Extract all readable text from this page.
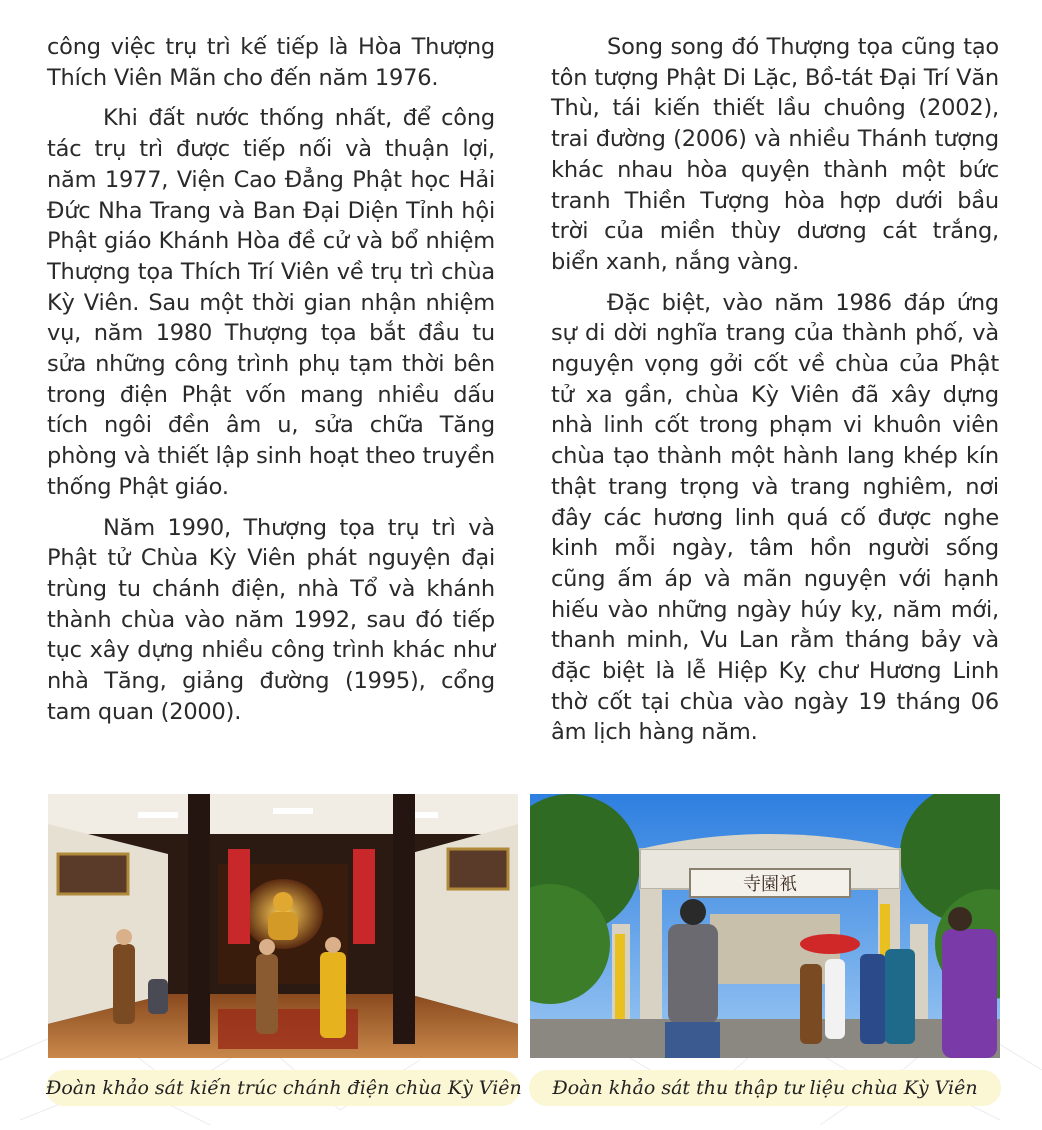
công việc trụ trì kế tiếp là Hòa Thượng Thích Viên Mãn cho đến năm 1976.

Khi đất nước thống nhất, để công tác trụ trì được tiếp nối và thuận lợi, năm 1977, Viện Cao Đẳng Phật học Hải Đức Nha Trang và Ban Đại Diện Tỉnh hội Phật giáo Khánh Hòa đề cử và bổ nhiệm Thượng tọa Thích Trí Viên về trụ trì chùa Kỳ Viên. Sau một thời gian nhận nhiệm vụ, năm 1980 Thượng tọa bắt đầu tu sửa những công trình phụ tạm thời bên trong điện Phật vốn mang nhiều dấu tích ngôi đền âm u, sửa chữa Tăng phòng và thiết lập sinh hoạt theo truyền thống Phật giáo.

Năm 1990, Thượng tọa trụ trì và Phật tử Chùa Kỳ Viên phát nguyện đại trùng tu chánh điện, nhà Tổ và khánh thành chùa vào năm 1992, sau đó tiếp tục xây dựng nhiều công trình khác như nhà Tăng, giảng đường (1995), cổng tam quan (2000).

Song song đó Thượng tọa cũng tạo tôn tượng Phật Di Lặc, Bồ-tát Đại Trí Văn Thù, tái kiến thiết lầu chuông (2002), trai đường (2006) và nhiều Thánh tượng khác nhau hòa quyện thành một bức tranh Thiền Tượng hòa hợp dưới bầu trời của miền thùy dương cát trắng, biển xanh, nắng vàng.

Đặc biệt, vào năm 1986 đáp ứng sự di dời nghĩa trang của thành phố, và nguyện vọng gởi cốt về chùa của Phật tử xa gần, chùa Kỳ Viên đã xây dựng nhà linh cốt trong phạm vi khuôn viên chùa tạo thành một hành lang khép kín thật trang trọng và trang nghiêm, nơi đây các hương linh quá cố được nghe kinh mỗi ngày, tâm hồn người sống cũng ấm áp và mãn nguyện với hạnh hiếu vào những ngày húy kỵ, năm mới, thanh minh, Vu Lan rằm tháng bảy và đặc biệt là lễ Hiệp Kỵ chư Hương Linh thờ cốt tại chùa vào ngày 19 tháng 06 âm lịch hàng năm.

寺園衹
Đoàn khảo sát kiến trúc chánh điện chùa Kỳ Viên	Đoàn khảo sát thu thập tư liệu chùa Kỳ Viên
